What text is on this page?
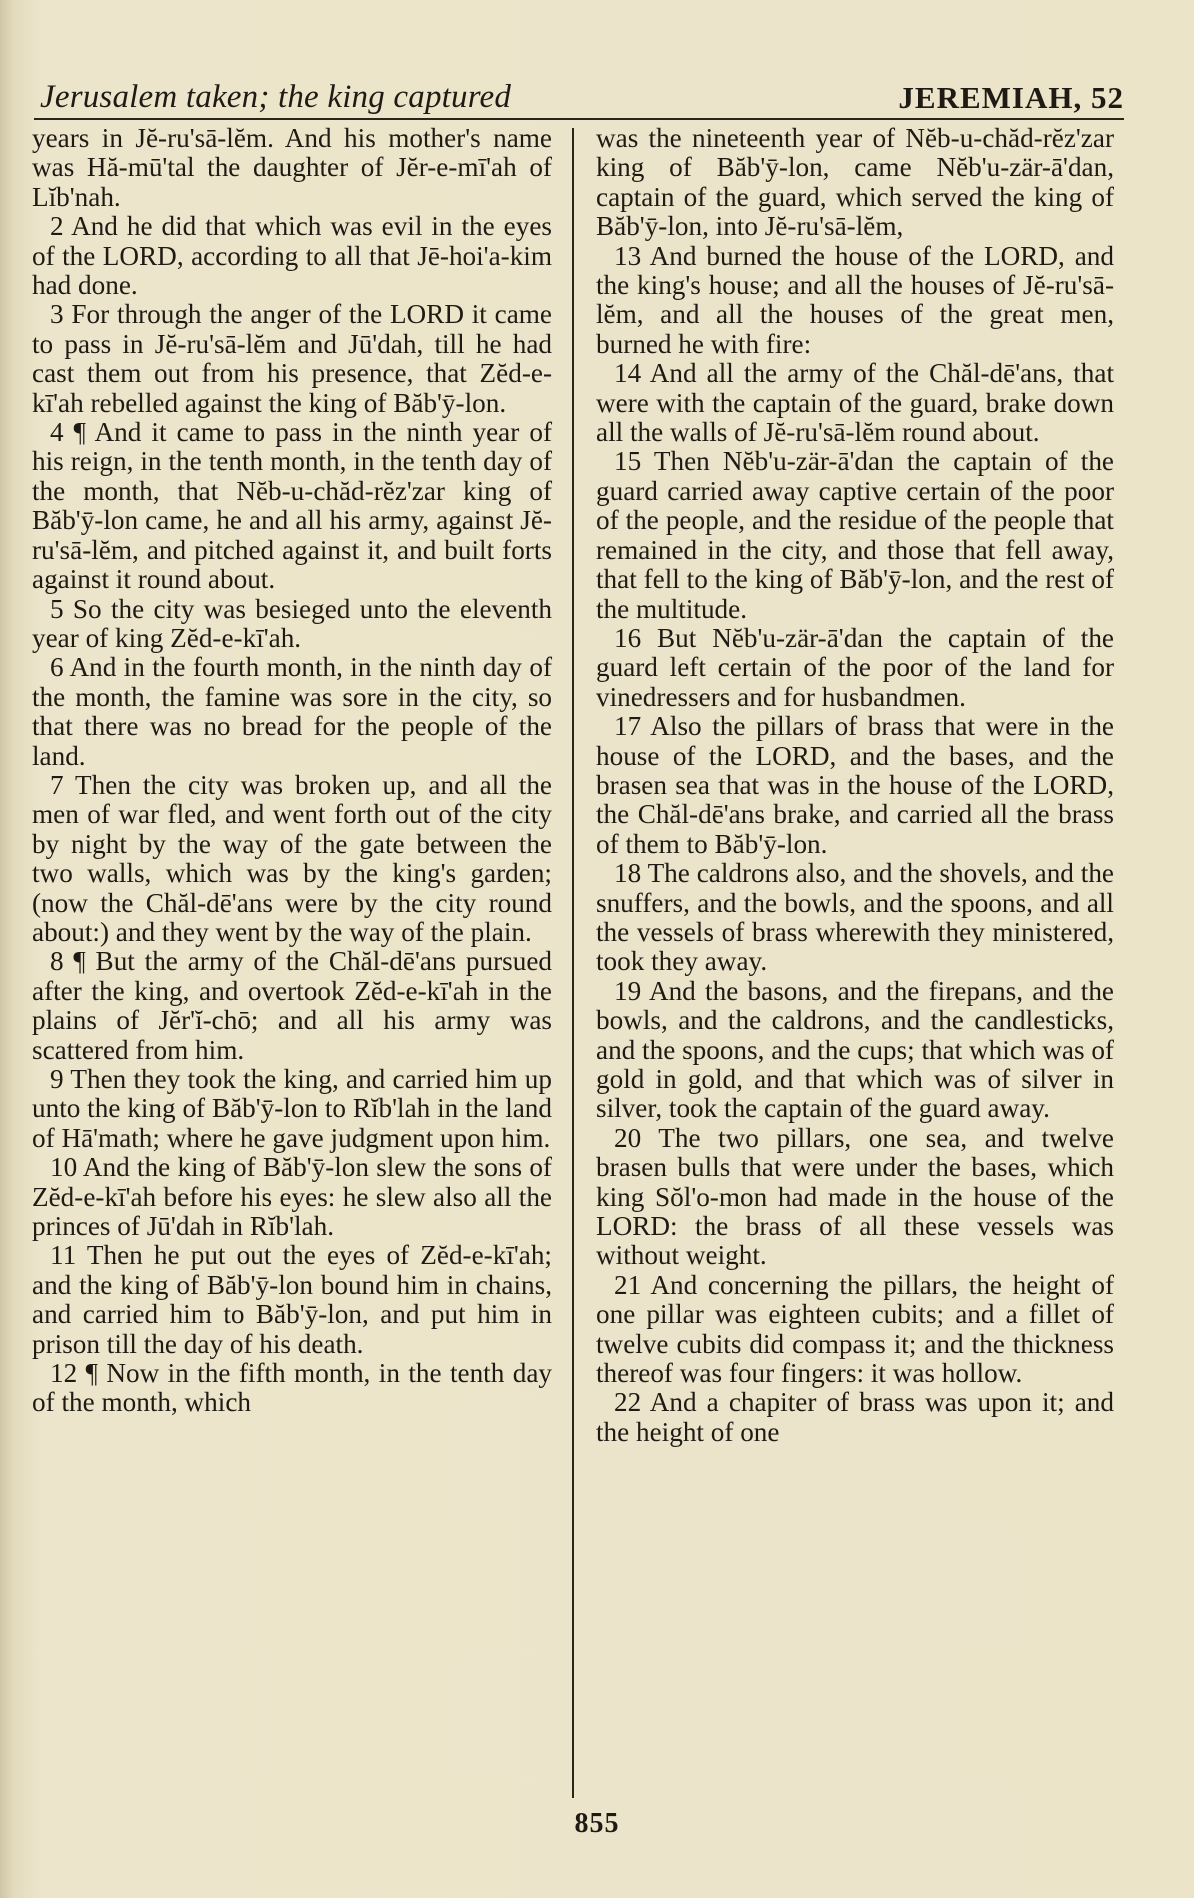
Jerusalem taken; the king captured	JEREMIAH, 52

years in Jĕ-ru'sā-lĕm. And his mother's name was Hă-mū'tal the daughter of Jĕr-e-mī'ah of Lĭb'nah.

2 And he did that which was evil in the eyes of the LORD, according to all that Jē-hoi'a-kim had done.

3 For through the anger of the LORD it came to pass in Jĕ-ru'sā-lĕm and Jū'dah, till he had cast them out from his presence, that Zĕd-e-kī'ah rebelled against the king of Băb'ȳ-lon.

4 ¶ And it came to pass in the ninth year of his reign, in the tenth month, in the tenth day of the month, that Nĕb-u-chăd-rĕz'zar king of Băb'ȳ-lon came, he and all his army, against Jĕ-ru'sā-lĕm, and pitched against it, and built forts against it round about.

5 So the city was besieged unto the eleventh year of king Zĕd-e-kī'ah.

6 And in the fourth month, in the ninth day of the month, the famine was sore in the city, so that there was no bread for the people of the land.

7 Then the city was broken up, and all the men of war fled, and went forth out of the city by night by the way of the gate between the two walls, which was by the king's garden; (now the Chăl-dē'ans were by the city round about:) and they went by the way of the plain.

8 ¶ But the army of the Chăl-dē'ans pursued after the king, and overtook Zĕd-e-kī'ah in the plains of Jĕr'ĭ-chō; and all his army was scattered from him.

9 Then they took the king, and carried him up unto the king of Băb'ȳ-lon to Rĭb'lah in the land of Hā'math; where he gave judgment upon him.

10 And the king of Băb'ȳ-lon slew the sons of Zĕd-e-kī'ah before his eyes: he slew also all the princes of Jū'dah in Rĭb'lah.

11 Then he put out the eyes of Zĕd-e-kī'ah; and the king of Băb'ȳ-lon bound him in chains, and carried him to Băb'ȳ-lon, and put him in prison till the day of his death.

12 ¶ Now in the fifth month, in the tenth day of the month, which

was the nineteenth year of Nĕb-u-chăd-rĕz'zar king of Băb'ȳ-lon, came Nĕb'u-zär-ā'dan, captain of the guard, which served the king of Băb'ȳ-lon, into Jĕ-ru'sā-lĕm,

13 And burned the house of the LORD, and the king's house; and all the houses of Jĕ-ru'sā-lĕm, and all the houses of the great men, burned he with fire:

14 And all the army of the Chăl-dē'ans, that were with the captain of the guard, brake down all the walls of Jĕ-ru'sā-lĕm round about.

15 Then Nĕb'u-zär-ā'dan the captain of the guard carried away captive certain of the poor of the people, and the residue of the people that remained in the city, and those that fell away, that fell to the king of Băb'ȳ-lon, and the rest of the multitude.

16 But Nĕb'u-zär-ā'dan the captain of the guard left certain of the poor of the land for vinedressers and for husbandmen.

17 Also the pillars of brass that were in the house of the LORD, and the bases, and the brasen sea that was in the house of the LORD, the Chăl-dē'ans brake, and carried all the brass of them to Băb'ȳ-lon.

18 The caldrons also, and the shovels, and the snuffers, and the bowls, and the spoons, and all the vessels of brass wherewith they ministered, took they away.

19 And the basons, and the firepans, and the bowls, and the caldrons, and the candlesticks, and the spoons, and the cups; that which was of gold in gold, and that which was of silver in silver, took the captain of the guard away.

20 The two pillars, one sea, and twelve brasen bulls that were under the bases, which king Sŏl'o-mon had made in the house of the LORD: the brass of all these vessels was without weight.

21 And concerning the pillars, the height of one pillar was eighteen cubits; and a fillet of twelve cubits did compass it; and the thickness thereof was four fingers: it was hollow.

22 And a chapiter of brass was upon it; and the height of one

855
